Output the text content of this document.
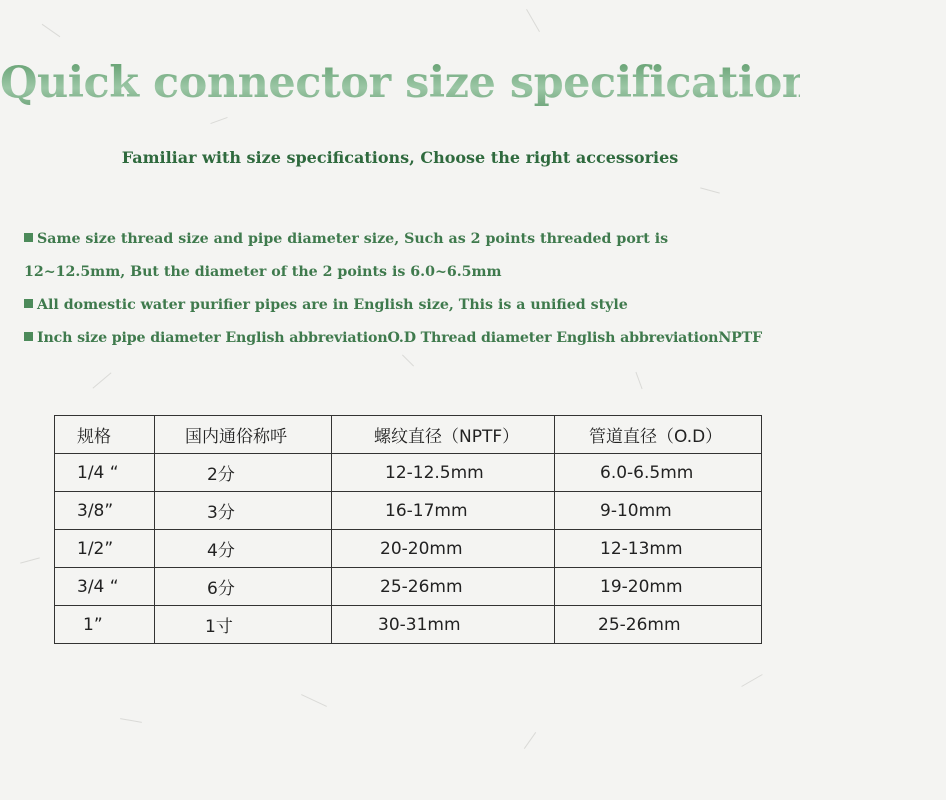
Quick connector size specification table
Familiar with size specifications, Choose the right accessories
Same size thread size and pipe diameter size, Such as 2 points threaded port is
12~12.5mm, But the diameter of the 2 points is 6.0~6.5mm
All domestic water purifier pipes are in English size, This is a unified style
Inch size pipe diameter English abbreviationO.D Thread diameter English abbreviationNPTF
规格	国内通俗称呼	螺纹直径（NPTF）	管道直径（O.D）

1/4 “	2分	12-12.5mm	6.0-6.5mm

3/8”	3分	16-17mm	9-10mm

1/2”	4分	20-20mm	12-13mm

3/4 “	6分	25-26mm	19-20mm

1”	1寸	30-31mm	25-26mm
